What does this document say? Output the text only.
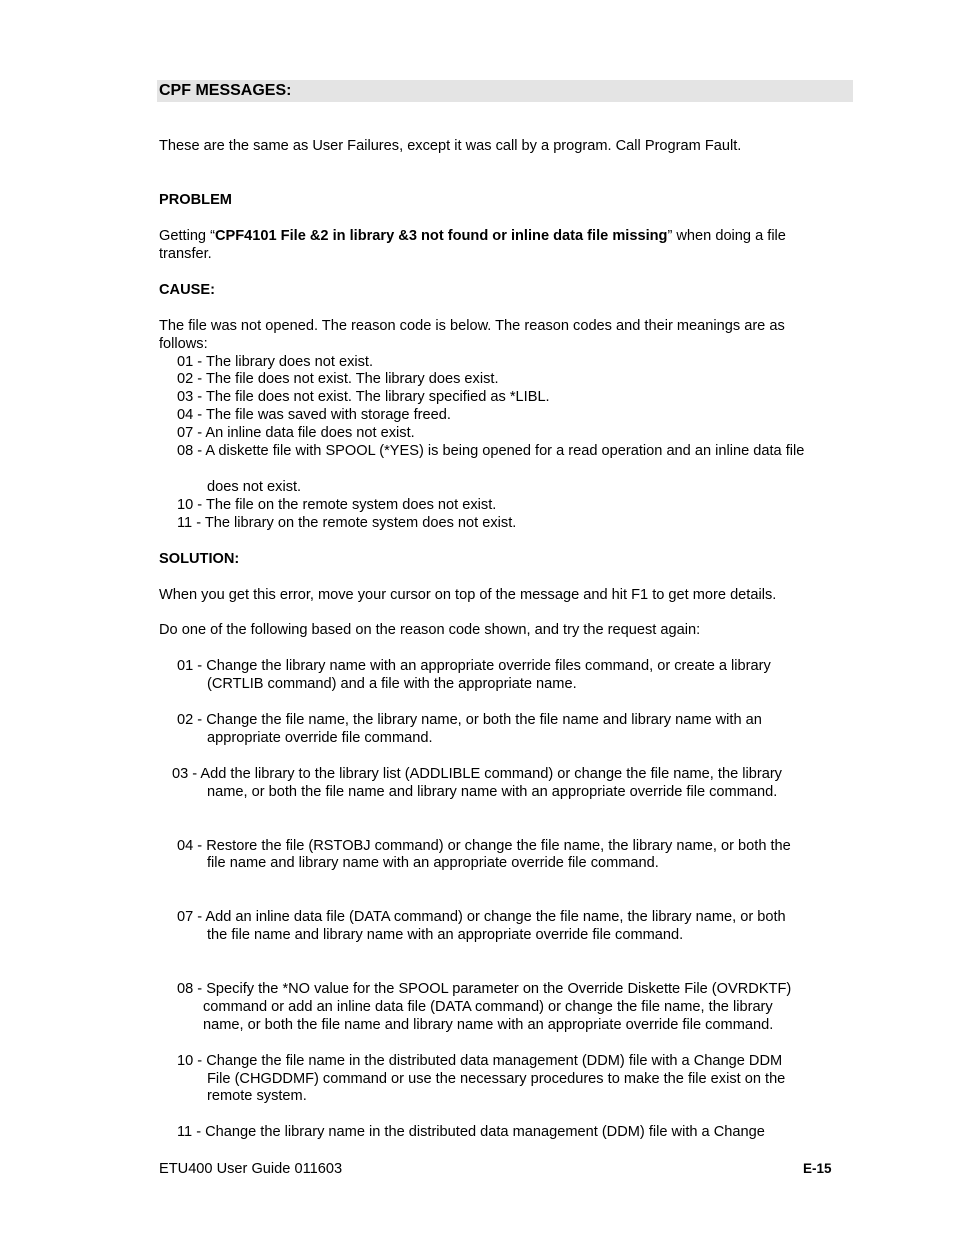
CPF MESSAGES:
These are the same as User Failures, except it was call by a program. Call Program Fault.
PROBLEM
Getting “CPF4101 File &2 in library &3 not found or inline data file missing” when doing a file
transfer.
CAUSE:
The file was not opened. The reason code is below. The reason codes and their meanings are as
follows:
01 - The library does not exist.
02 - The file does not exist. The library does exist.
03 - The file does not exist. The library specified as *LIBL.
04 - The file was saved with storage freed.
07 - An inline data file does not exist.
08 - A diskette file with SPOOL (*YES) is being opened for a read operation and an inline data file
does not exist.
10 - The file on the remote system does not exist.
11 - The library on the remote system does not exist.
SOLUTION:
When you get this error, move your cursor on top of the message and hit F1 to get more details.
Do one of the following based on the reason code shown, and try the request again:
01 - Change the library name with an appropriate override files command, or create a library
(CRTLIB command) and a file with the appropriate name.
02 - Change the file name, the library name, or both the file name and library name with an
appropriate override file command.
03 - Add the library to the library list (ADDLIBLE command) or change the file name, the library
name, or both the file name and library name with an appropriate override file command.
04 - Restore the file (RSTOBJ command) or change the file name, the library name, or both the
file name and library name with an appropriate override file command.
07 - Add an inline data file (DATA command) or change the file name, the library name, or both
the file name and library name with an appropriate override file command.
08 - Specify the *NO value for the SPOOL parameter on the Override Diskette File (OVRDKTF)
command or add an inline data file (DATA command) or change the file name, the library
name, or both the file name and library name with an appropriate override file command.
10 - Change the file name in the distributed data management (DDM) file with a Change DDM
File (CHGDDMF) command or use the necessary procedures to make the file exist on the
remote system.
11 - Change the library name in the distributed data management (DDM) file with a Change
ETU400 User Guide 011603	E-15
